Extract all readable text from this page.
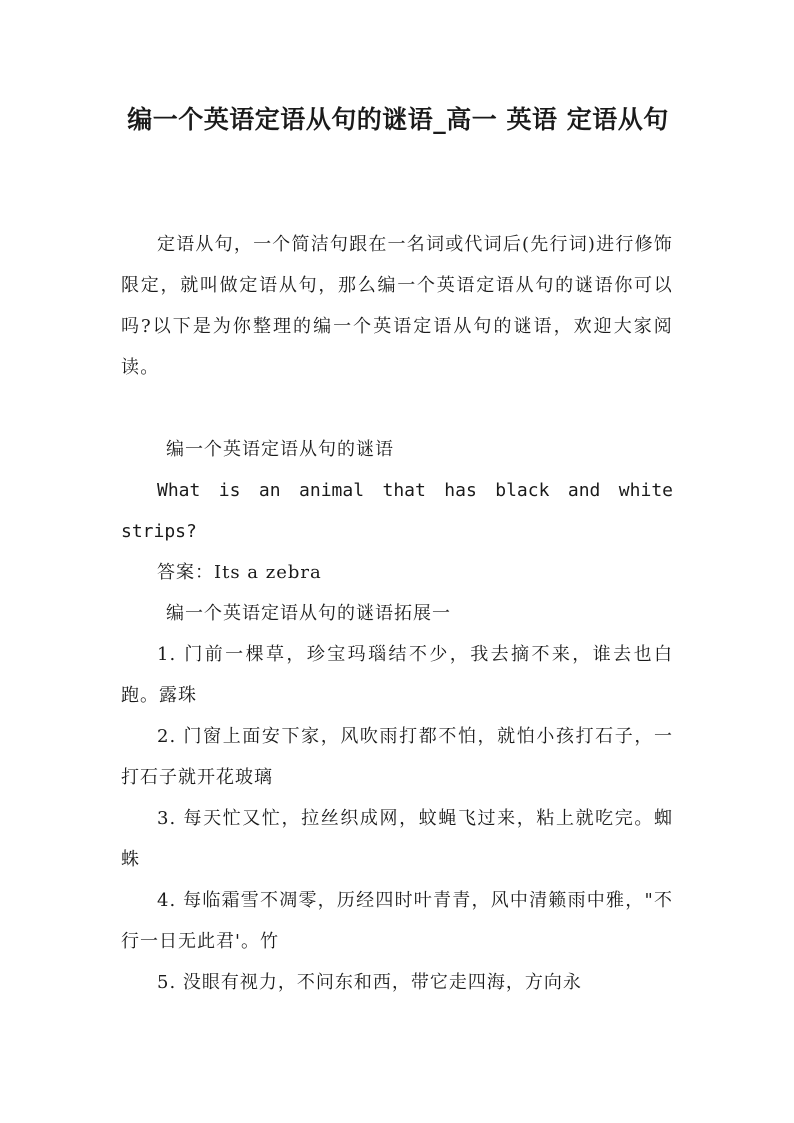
编一个英语定语从句的谜语_高一 英语 定语从句

定语从句，一个简洁句跟在一名词或代词后(先行词)进行修饰限定，就叫做定语从句，那么编一个英语定语从句的谜语你可以吗?以下是为你整理的编一个英语定语从句的谜语，欢迎大家阅读。

编一个英语定语从句的谜语

What is an animal that has black and white strips?

答案：Its a zebra

编一个英语定语从句的谜语拓展一

1. 门前一棵草，珍宝玛瑙结不少，我去摘不来，谁去也白跑。露珠

2. 门窗上面安下家，风吹雨打都不怕，就怕小孩打石子，一打石子就开花玻璃

3. 每天忙又忙，拉丝织成网，蚊蝇飞过来，粘上就吃完。蜘蛛

4. 每临霜雪不凋零，历经四时叶青青，风中清籁雨中雅，"不行一日无此君'。竹

5. 没眼有视力，不问东和西，带它走四海，方向永
